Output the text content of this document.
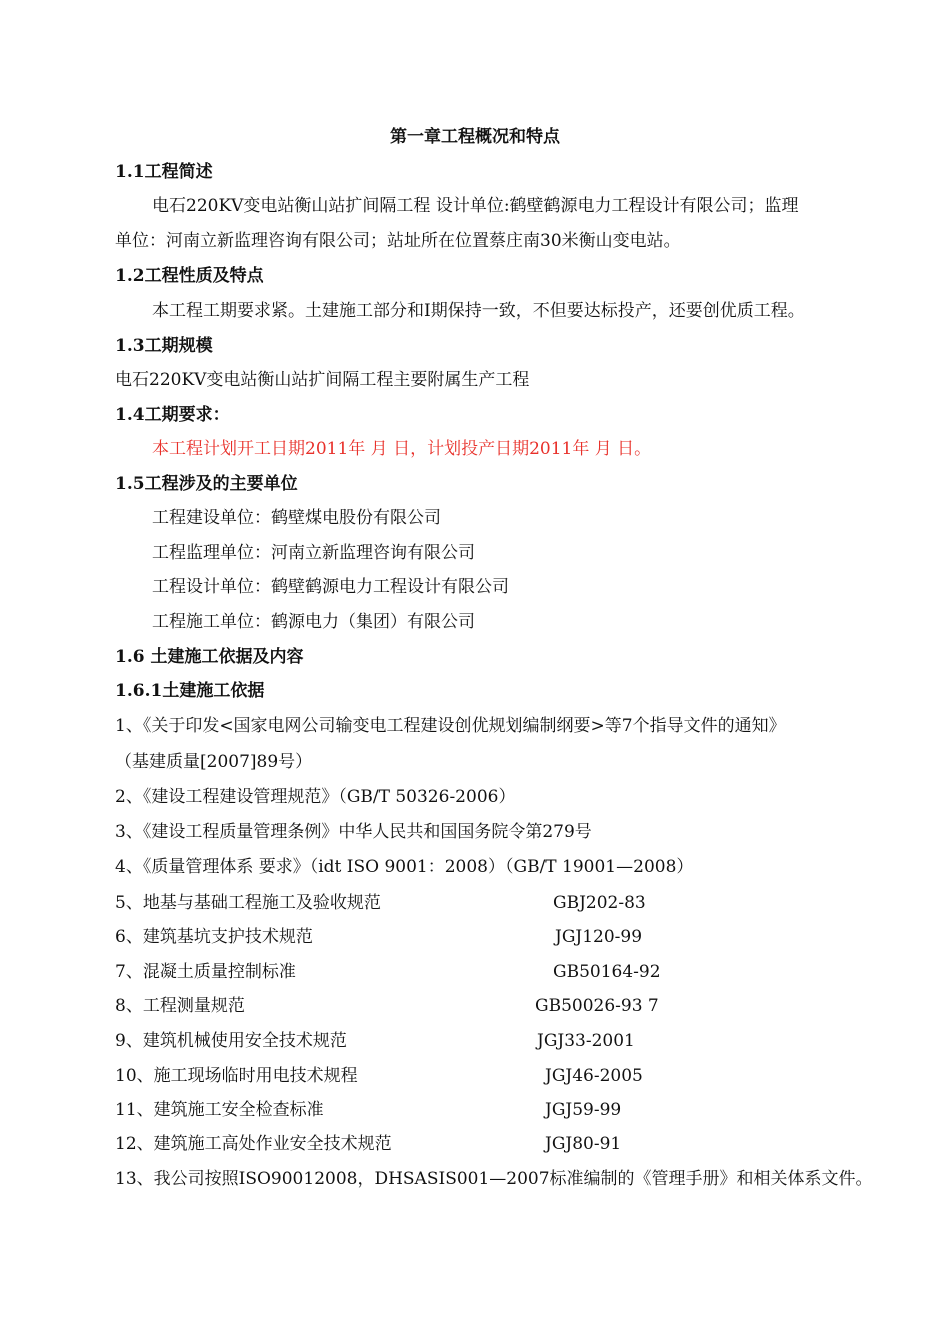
第一章工程概况和特点
1.1工程简述
电石220KV变电站衡山站扩间隔工程 设计单位:鹤壁鹤源电力工程设计有限公司；监理
单位：河南立新监理咨询有限公司；站址所在位置蔡庄南30米衡山变电站。
1.2工程性质及特点
本工程工期要求紧。土建施工部分和Ⅰ期保持一致，不但要达标投产，还要创优质工程。
1.3工期规模
电石220KV变电站衡山站扩间隔工程主要附属生产工程
1.4工期要求：
本工程计划开工日期2011年 月 日，计划投产日期2011年 月 日。
1.5工程涉及的主要单位
工程建设单位：鹤壁煤电股份有限公司
工程监理单位：河南立新监理咨询有限公司
工程设计单位：鹤壁鹤源电力工程设计有限公司
工程施工单位：鹤源电力（集团）有限公司
1.6 土建施工依据及内容
1.6.1土建施工依据
1、《关于印发<国家电网公司输变电工程建设创优规划编制纲要>等7个指导文件的通知》
（基建质量[2007]89号）
2、《建设工程建设管理规范》（GB/T 50326-2006）
3、《建设工程质量管理条例》中华人民共和国国务院令第279号
4、《质量管理体系 要求》（idt ISO 9001：2008）（GB/T 19001—2008）
5、地基与基础工程施工及验收规范	GBJ202-83
6、建筑基坑支护技术规范	JGJ120-99
7、混凝土质量控制标准	GB50164-92
8、工程测量规范	GB50026-93 7
9、建筑机械使用安全技术规范	JGJ33-2001
10、施工现场临时用电技术规程	JGJ46-2005
11、建筑施工安全检查标准	JGJ59-99
12、建筑施工高处作业安全技术规范	JGJ80-91
13、我公司按照ISO90012008，DHSASIS001—2007标准编制的《管理手册》和相关体系文件。
